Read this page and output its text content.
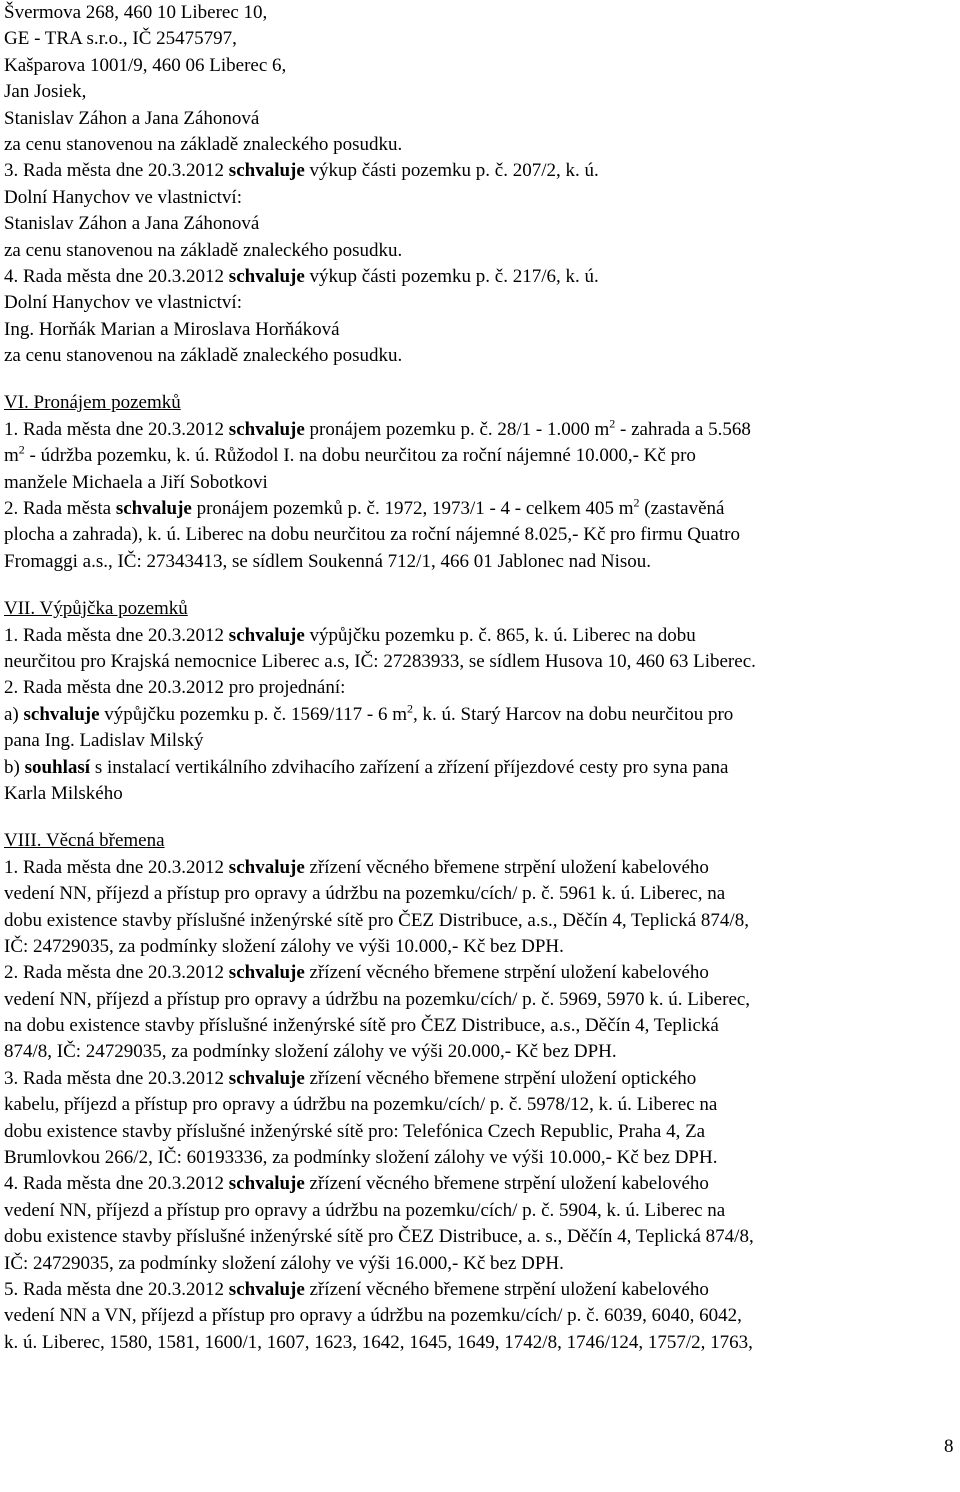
Švermova 268, 460 10 Liberec 10,
GE - TRA s.r.o., IČ 25475797,
Kašparova 1001/9, 460 06 Liberec 6,
Jan Josiek,
Stanislav Záhon a Jana Záhonová
za cenu stanovenou na základě znaleckého posudku.
3. Rada města dne 20.3.2012 schvaluje výkup části pozemku p. č. 207/2, k. ú.
Dolní Hanychov ve vlastnictví:
Stanislav Záhon a Jana Záhonová
za cenu stanovenou na základě znaleckého posudku.
4. Rada města dne 20.3.2012 schvaluje výkup části pozemku p. č. 217/6, k. ú.
Dolní Hanychov ve vlastnictví:
Ing. Horňák Marian a Miroslava Horňáková
za cenu stanovenou na základě znaleckého posudku.
VI. Pronájem pozemků
1. Rada města dne 20.3.2012 schvaluje pronájem pozemku p. č. 28/1 - 1.000 $m^2$ - zahrada a 5.568
$m^2$ - údržba pozemku, k. ú. Růžodol I. na dobu neurčitou za roční nájemné 10.000,- Kč pro
manžele Michaela a Jiří Sobotkovi
2. Rada města schvaluje pronájem pozemků p. č. 1972, 1973/1 - 4 - celkem 405 $m^2$ (zastavěná
plocha a zahrada), k. ú. Liberec na dobu neurčitou za roční nájemné 8.025,- Kč pro firmu Quatro
Fromaggi a.s., IČ: 27343413, se sídlem Soukenná 712/1, 466 01 Jablonec nad Nisou.
VII. Výpůjčka pozemků
1. Rada města dne 20.3.2012 schvaluje výpůjčku pozemku p. č. 865, k. ú. Liberec na dobu
neurčitou pro Krajská nemocnice Liberec a.s, IČ: 27283933, se sídlem Husova 10, 460 63 Liberec.
2. Rada města dne 20.3.2012 pro projednání:
a) schvaluje výpůjčku pozemku p. č. 1569/117 - 6 $m^2$, k. ú. Starý Harcov na dobu neurčitou pro
pana Ing. Ladislav Milský
b) souhlasí s instalací vertikálního zdvihacího zařízení a zřízení příjezdové cesty pro syna pana
Karla Milského
VIII. Věcná břemena
1. Rada města dne 20.3.2012 schvaluje zřízení věcného břemene strpění uložení kabelového
vedení NN, příjezd a přístup pro opravy a údržbu na pozemku/cích/ p. č. 5961 k. ú. Liberec, na
dobu existence stavby příslušné inženýrské sítě pro ČEZ Distribuce, a.s., Děčín 4, Teplická 874/8,
IČ: 24729035, za podmínky složení zálohy ve výši 10.000,- Kč bez DPH.
2. Rada města dne 20.3.2012 schvaluje zřízení věcného břemene strpění uložení kabelového
vedení NN, příjezd a přístup pro opravy a údržbu na pozemku/cích/ p. č. 5969, 5970 k. ú. Liberec,
na dobu existence stavby příslušné inženýrské sítě pro ČEZ Distribuce, a.s., Děčín 4, Teplická
874/8, IČ: 24729035, za podmínky složení zálohy ve výši 20.000,- Kč bez DPH.
3. Rada města dne 20.3.2012 schvaluje zřízení věcného břemene strpění uložení optického
kabelu, příjezd a přístup pro opravy a údržbu na pozemku/cích/ p. č. 5978/12, k. ú. Liberec na
dobu existence stavby příslušné inženýrské sítě pro: Telefónica Czech Republic, Praha 4, Za
Brumlovkou 266/2, IČ: 60193336, za podmínky složení zálohy ve výši 10.000,- Kč bez DPH.
4. Rada města dne 20.3.2012 schvaluje zřízení věcného břemene strpění uložení kabelového
vedení NN, příjezd a přístup pro opravy a údržbu na pozemku/cích/ p. č. 5904, k. ú. Liberec na
dobu existence stavby příslušné inženýrské sítě pro ČEZ Distribuce, a. s., Děčín 4, Teplická 874/8,
IČ: 24729035, za podmínky složení zálohy ve výši 16.000,- Kč bez DPH.
5. Rada města dne 20.3.2012 schvaluje zřízení věcného břemene strpění uložení kabelového
vedení NN a VN, příjezd a přístup pro opravy a údržbu na pozemku/cích/ p. č. 6039, 6040, 6042,
k. ú. Liberec, 1580, 1581, 1600/1, 1607, 1623, 1642, 1645, 1649, 1742/8, 1746/124, 1757/2, 1763,
8
